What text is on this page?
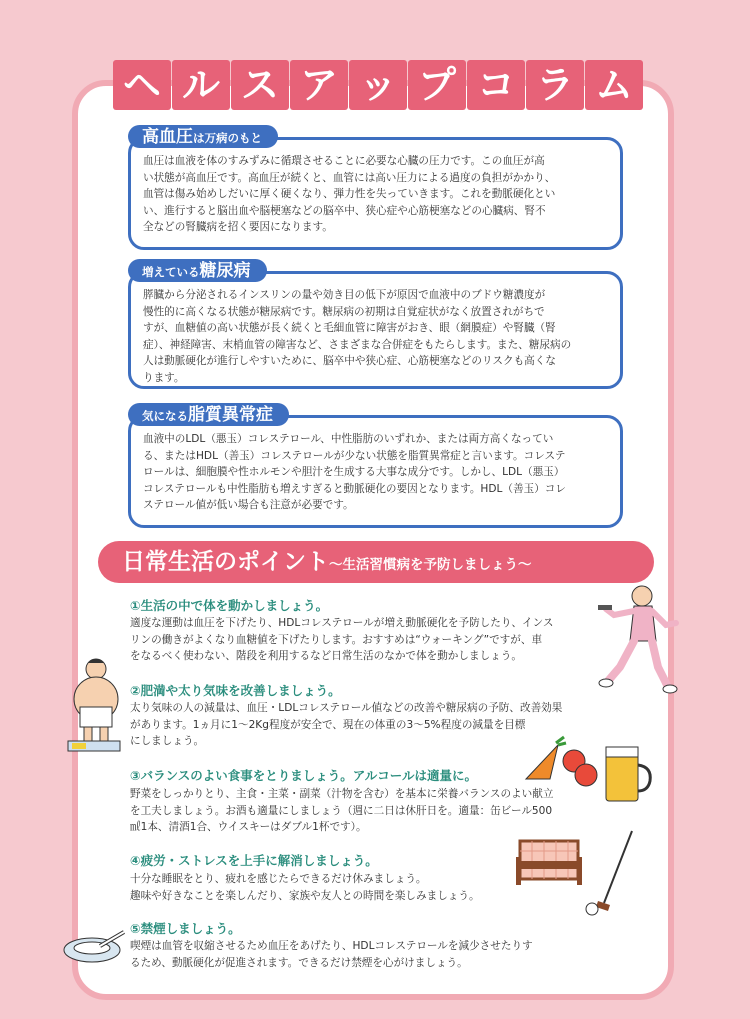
ヘ ル ス ア ッ プ コ ラ ム

血圧は血液を体のすみずみに循環させることに必要な心臓の圧力です。この血圧が高

い状態が高血圧です。高血圧が続くと、血管には高い圧力による過度の負担がかかり、

血管は傷み始めしだいに厚く硬くなり、弾力性を失っていきます。これを動脈硬化とい

い、進行すると脳出血や脳梗塞などの脳卒中、狭心症や心筋梗塞などの心臓病、腎不

全などの腎臓病を招く要因になります。

高血圧は万病のもと

膵臓から分泌されるインスリンの量や効き目の低下が原因で血液中のブドウ糖濃度が

慢性的に高くなる状態が糖尿病です。糖尿病の初期は自覚症状がなく放置されがちで

すが、血糖値の高い状態が長く続くと毛細血管に障害がおき、眼（網膜症）や腎臓（腎

症）、神経障害、末梢血管の障害など、さまざまな合併症をもたらします。また、糖尿病の

人は動脈硬化が進行しやすいために、脳卒中や狭心症、心筋梗塞などのリスクも高くな

ります。

増えている糖尿病

血液中のLDL（悪玉）コレステロール、中性脂肪のいずれか、または両方高くなってい

る、またはHDL（善玉）コレステロールが少ない状態を脂質異常症と言います。コレステ

ロールは、細胞膜や性ホルモンや胆汁を生成する大事な成分です。しかし、LDL（悪玉）

コレステロールも中性脂肪も増えすぎると動脈硬化の要因となります。HDL（善玉）コレ

ステロール値が低い場合も注意が必要です。

気になる脂質異常症
日常生活のポイント〜生活習慣病を予防しましょう〜
①生活の中で体を動かしましょう。

適度な運動は血圧を下げたり、HDLコレステロールが増え動脈硬化を予防したり、インス

リンの働きがよくなり血糖値を下げたりします。おすすめは“ウォーキング”ですが、車

をなるべく使わない、階段を利用するなど日常生活のなかで体を動かしましょう。

②肥満や太り気味を改善しましょう。

太り気味の人の減量は、血圧・LDLコレステロール値などの改善や糖尿病の予防、改善効果

があります。1ヵ月に1〜2Kg程度が安全で、現在の体重の3〜5%程度の減量を目標

にしましょう。

③バランスのよい食事をとりましょう。アルコールは適量に。

野菜をしっかりとり、主食・主菜・副菜（汁物を含む）を基本に栄養バランスのよい献立

を工夫しましょう。お酒も適量にしましょう（週に二日は休肝日を。適量：缶ビール500

㎖1本、清酒1合、ウイスキーはダブル1杯です）。

④疲労・ストレスを上手に解消しましょう。

十分な睡眠をとり、疲れを感じたらできるだけ休みましょう。

趣味や好きなことを楽しんだり、家族や友人との時間を楽しみましょう。

⑤禁煙しましょう。

喫煙は血管を収縮させるため血圧をあげたり、HDLコレステロールを減少させたりす

るため、動脈硬化が促進されます。できるだけ禁煙を心がけましょう。
